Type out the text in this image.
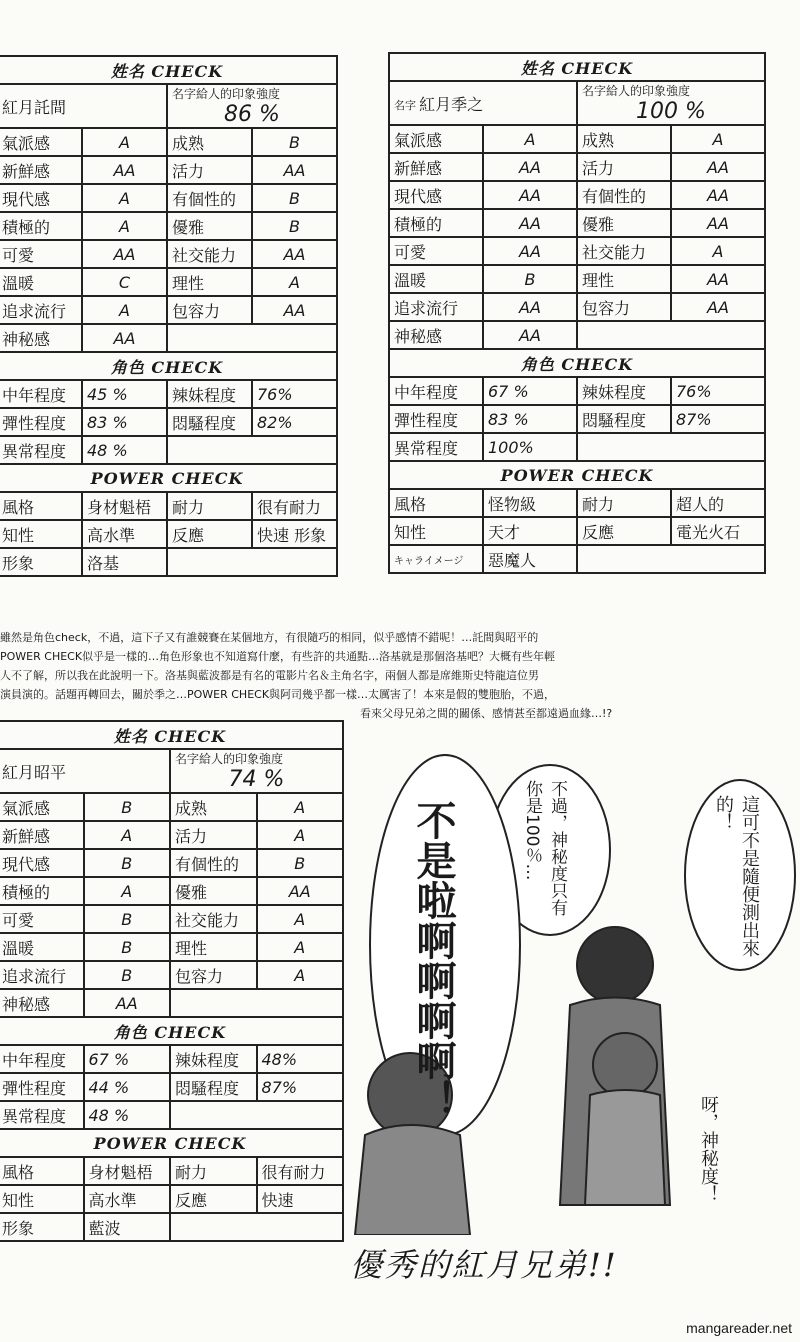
姓名 CHECK			
紅月託間		名字給人的印象強度
86 %	

氣派感	A	成熟	B
新鮮感	AA	活力	AA
現代感	A	有個性的	B
積極的	A	優雅	B
可愛	AA	社交能力	AA
溫暖	C	理性	A
追求流行	A	包容力	AA
神秘感	AA		
角色 CHECK			
中年程度	45 %	辣妹程度	76%
彈性程度	83 %	悶騷程度	82%
異常程度	48 %		
POWER CHECK			
風格	身材魁梧	耐力	很有耐力
知性	高水準	反應	快速 形象
形象	洛基		
姓名 CHECK			
名字 紅月季之		名字給人的印象強度
100 %	

氣派感	A	成熟	A
新鮮感	AA	活力	AA
現代感	AA	有個性的	AA
積極的	AA	優雅	AA
可愛	AA	社交能力	A
溫暖	B	理性	AA
追求流行	AA	包容力	AA
神秘感	AA		
角色 CHECK			
中年程度	67 %	辣妹程度	76%
彈性程度	83 %	悶騷程度	87%
異常程度	100%		
POWER CHECK			
風格	怪物級	耐力	超人的
知性	天才	反應	電光火石
キャライメージ	惡魔人		

雖然是角色check，不過，這下子又有誰競賽在某個地方，有很隨巧的相同，似乎感情不錯呢！…託間與昭平的

POWER CHECK似乎是一樣的…角色形象也不知道寫什麼，有些許的共通點…洛基就是那個洛基吧？大概有些年輕

人不了解，所以我在此說明一下。洛基與藍波都是有名的電影片名＆主角名字，兩個人都是席維斯史特龍這位男

演員演的。話題再轉回去，關於季之…POWER CHECK與阿司幾乎都一樣…太厲害了！本來是假的雙胞胎，不過，

看來父母兄弟之間的關係、感情甚至都遠過血緣…!?

姓名 CHECK			
紅月昭平		名字給人的印象強度
74 %	

氣派感	B	成熟	A
新鮮感	A	活力	A
現代感	B	有個性的	B
積極的	A	優雅	AA
可愛	B	社交能力	A
溫暖	B	理性	A
追求流行	B	包容力	A
神秘感	AA		
角色 CHECK			
中年程度	67 %	辣妹程度	48%
彈性程度	44 %	悶騷程度	87%
異常程度	48 %		
POWER CHECK			
風格	身材魁梧	耐力	很有耐力
知性	高水準	反應	快速
形象	藍波		
不是啦啊啊啊啊！	不過，神秘度只有你是100％…	這可不是隨便測出來的！
呀，神秘度！
優秀的紅月兄弟!!
mangareader.net
